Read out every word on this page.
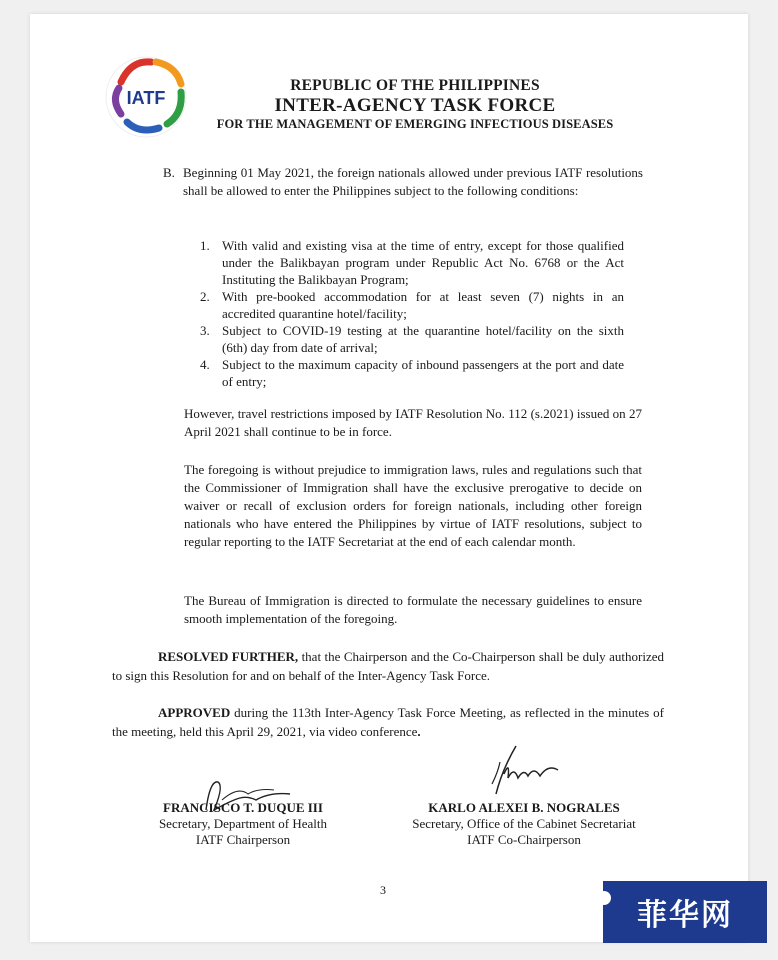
IATF
REPUBLIC OF THE PHILIPPINES
INTER-AGENCY TASK FORCE
FOR THE MANAGEMENT OF EMERGING INFECTIOUS DISEASES
B. Beginning 01 May 2021, the foreign nationals allowed under previous IATF resolutions shall be allowed to enter the Philippines subject to the following conditions:
1. With valid and existing visa at the time of entry, except for those qualified under the Balikbayan program under Republic Act No. 6768 or the Act Instituting the Balikbayan Program;
2. With pre-booked accommodation for at least seven (7) nights in an accredited quarantine hotel/facility;
3. Subject to COVID-19 testing at the quarantine hotel/facility on the sixth (6th) day from date of arrival;
4. Subject to the maximum capacity of inbound passengers at the port and date of entry;
However, travel restrictions imposed by IATF Resolution No. 112 (s.2021) issued on 27 April 2021 shall continue to be in force.
The foregoing is without prejudice to immigration laws, rules and regulations such that the Commissioner of Immigration shall have the exclusive prerogative to decide on waiver or recall of exclusion orders for foreign nationals, including other foreign nationals who have entered the Philippines by virtue of IATF resolutions, subject to regular reporting to the IATF Secretariat at the end of each calendar month.
The Bureau of Immigration is directed to formulate the necessary guidelines to ensure smooth implementation of the foregoing.
RESOLVED FURTHER, that the Chairperson and the Co-Chairperson shall be duly authorized to sign this Resolution for and on behalf of the Inter-Agency Task Force.
APPROVED during the 113th Inter-Agency Task Force Meeting, as reflected in the minutes of the meeting, held this April 29, 2021, via video conference.
FRANCISCO T. DUQUE III
Secretary, Department of Health
IATF Chairperson
KARLO ALEXEI B. NOGRALES
Secretary, Office of the Cabinet Secretariat
IATF Co-Chairperson
3
菲华网
